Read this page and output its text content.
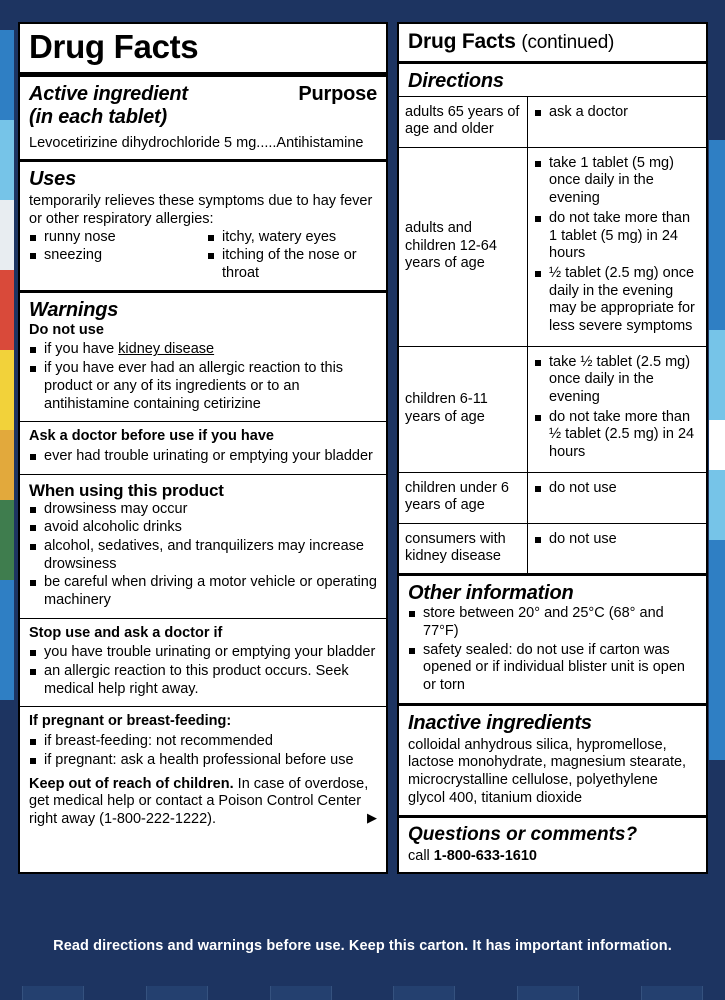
Drug Facts
Active ingredient
(in each tablet)
Purpose
Levocetirizine dihydrochloride 5 mg.....Antihistamine
Uses
temporarily relieves these symptoms due to hay fever or other respiratory allergies:
runny nose
sneezing
itchy, watery eyes
itching of the nose or throat
Warnings
Do not use
if you have kidney disease
if you have ever had an allergic reaction to this product or any of its ingredients or to an antihistamine containing cetirizine
Ask a doctor before use if you have
ever had trouble urinating or emptying your bladder
When using this product
drowsiness may occur
avoid alcoholic drinks
alcohol, sedatives, and tranquilizers may increase drowsiness
be careful when driving a motor vehicle or operating machinery
Stop use and ask a doctor if
you have trouble urinating or emptying your bladder
an allergic reaction to this product occurs. Seek medical help right away.
If pregnant or breast-feeding:
if breast-feeding: not recommended
if pregnant: ask a health professional before use
Keep out of reach of children. In case of overdose, get medical help or contact a Poison Control Center right away (1-800-222-1222).	▶
Drug Facts (continued)
Directions
adults 65 years of age and older	
ask a doctor

adults and children 12-64 years of age	
take 1 tablet (5 mg) once daily in the evening
do not take more than 1 tablet (5 mg) in 24 hours
½ tablet (2.5 mg) once daily in the evening may be appropriate for less severe symptoms

children 6-11 years of age	
take ½ tablet (2.5 mg) once daily in the evening
do not take more than ½ tablet (2.5 mg) in 24 hours

children under 6 years of age	
do not use

consumers with kidney disease	
do not use
Other information
store between 20° and 25°C (68° and 77°F)
safety sealed: do not use if carton was opened or if individual blister unit is open or torn
Inactive ingredients
colloidal anhydrous silica, hypromellose, lactose monohydrate, magnesium stearate, microcrystalline cellulose, polyethylene glycol 400, titanium dioxide
Questions or comments?
call 1-800-633-1610
Read directions and warnings before use. Keep this carton. It has important information.
